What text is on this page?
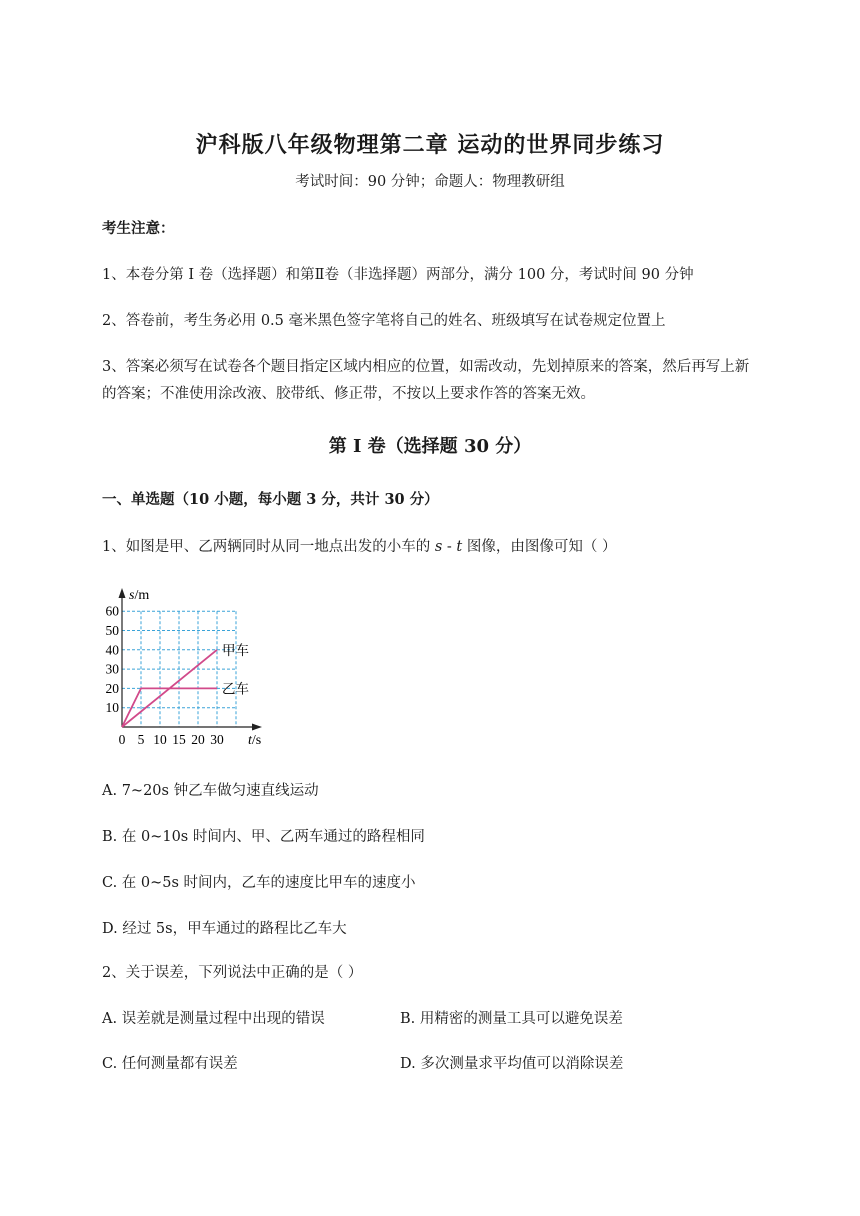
沪科版八年级物理第二章 运动的世界同步练习
考试时间：90 分钟；命题人：物理教研组
考生注意：
1、本卷分第 I 卷（选择题）和第Ⅱ卷（非选择题）两部分，满分 100 分，考试时间 90 分钟
2、答卷前，考生务必用 0.5 毫米黑色签字笔将自己的姓名、班级填写在试卷规定位置上
3、答案必须写在试卷各个题目指定区域内相应的位置，如需改动，先划掉原来的答案，然后再写上新
的答案；不准使用涂改液、胶带纸、修正带，不按以上要求作答的答案无效。
第 I 卷（选择题 30 分）
一、单选题（10 小题，每小题 3 分，共计 30 分）
1、如图是甲、乙两辆同时从同一地点出发的小车的 s - t 图像，由图像可知（ ）
10
20
30
40
50
60
0 5 10 15 20 30
甲车
乙车
s/m
t/s
A. 7~20s 钟乙车做匀速直线运动
B. 在 0~10s 时间内、甲、乙两车通过的路程相同
C. 在 0~5s 时间内，乙车的速度比甲车的速度小
D. 经过 5s，甲车通过的路程比乙车大
2、关于误差，下列说法中正确的是（ ）
A. 误差就是测量过程中出现的错误	B. 用精密的测量工具可以避免误差
C. 任何测量都有误差	D. 多次测量求平均值可以消除误差
